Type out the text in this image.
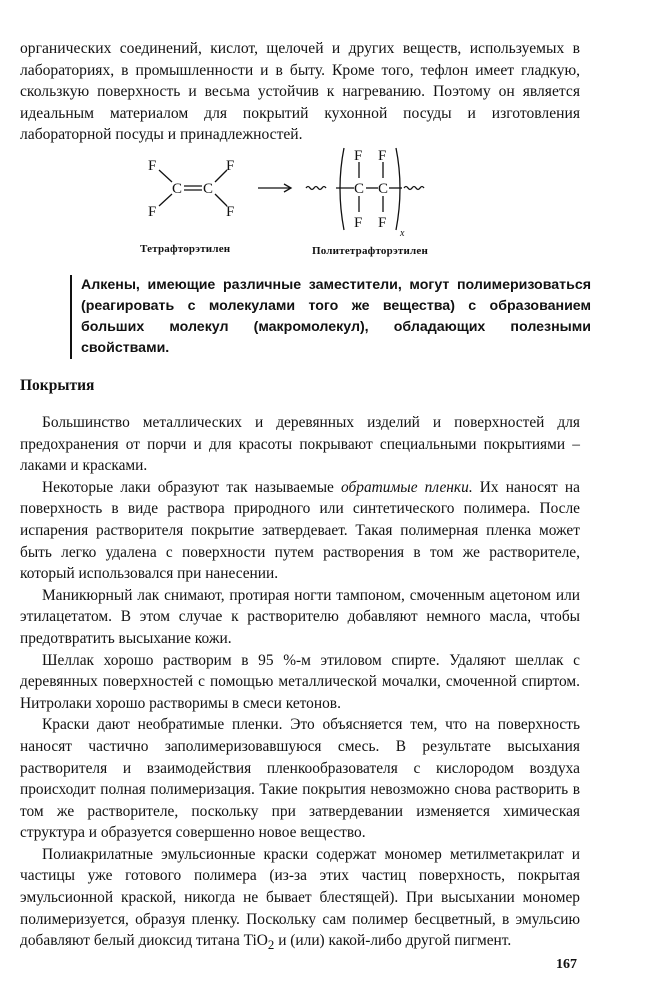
органических соединений, кислот, щелочей и других веществ, используемых в лабораториях, в промышленности и в быту. Кроме того, тефлон имеет гладкую, скользкую поверхность и весьма устойчив к нагреванию. Поэтому он является идеальным материалом для покрытий кухонной посуды и изготовления лабораторной посуды и принадлежностей.

F
F
F
F
C C
F F
C C
F F
x
Тетрафторэтилен	Политетрафторэтилен
Алкены, имеющие различные заместители, могут полимеризоваться (реагировать с молекулами того же вещества) с образованием больших молекул (макромолекул), обладающих полезными свойствами.
Покрытия

Большинство металлических и деревянных изделий и поверхностей для предохранения от порчи и для красоты покрывают специальными покрытиями – лаками и красками.

Некоторые лаки образуют так называемые обратимые пленки. Их наносят на поверхность в виде раствора природного или синтетического полимера. После испарения растворителя покрытие затвердевает. Такая полимерная пленка может быть легко удалена с поверхности путем растворения в том же растворителе, который использовался при нанесении.

Маникюрный лак снимают, протирая ногти тампоном, смоченным ацетоном или этилацетатом. В этом случае к растворителю добавляют немного масла, чтобы предотвратить высыхание кожи.

Шеллак хорошо растворим в 95 %-м этиловом спирте. Удаляют шеллак с деревянных поверхностей с помощью металлической мочалки, смоченной спиртом. Нитролаки хорошо растворимы в смеси кетонов.

Краски дают необратимые пленки. Это объясняется тем, что на поверхность наносят частично заполимеризовавшуюся смесь. В результате высыхания растворителя и взаимодействия пленкообразователя с кислородом воздуха происходит полная полимеризация. Такие покрытия невозможно снова растворить в том же растворителе, поскольку при затвердевании изменяется химическая структура и образуется совершенно новое вещество.

Полиакрилатные эмульсионные краски содержат мономер метилметакрилат и частицы уже готового полимера (из-за этих частиц поверхность, покрытая эмульсионной краской, никогда не бывает блестящей). При высыхании мономер полимеризуется, образуя пленку. Поскольку сам полимер бесцветный, в эмульсию добавляют белый диоксид титана TiO$_2$ и (или) какой-либо другой пигмент.

167
